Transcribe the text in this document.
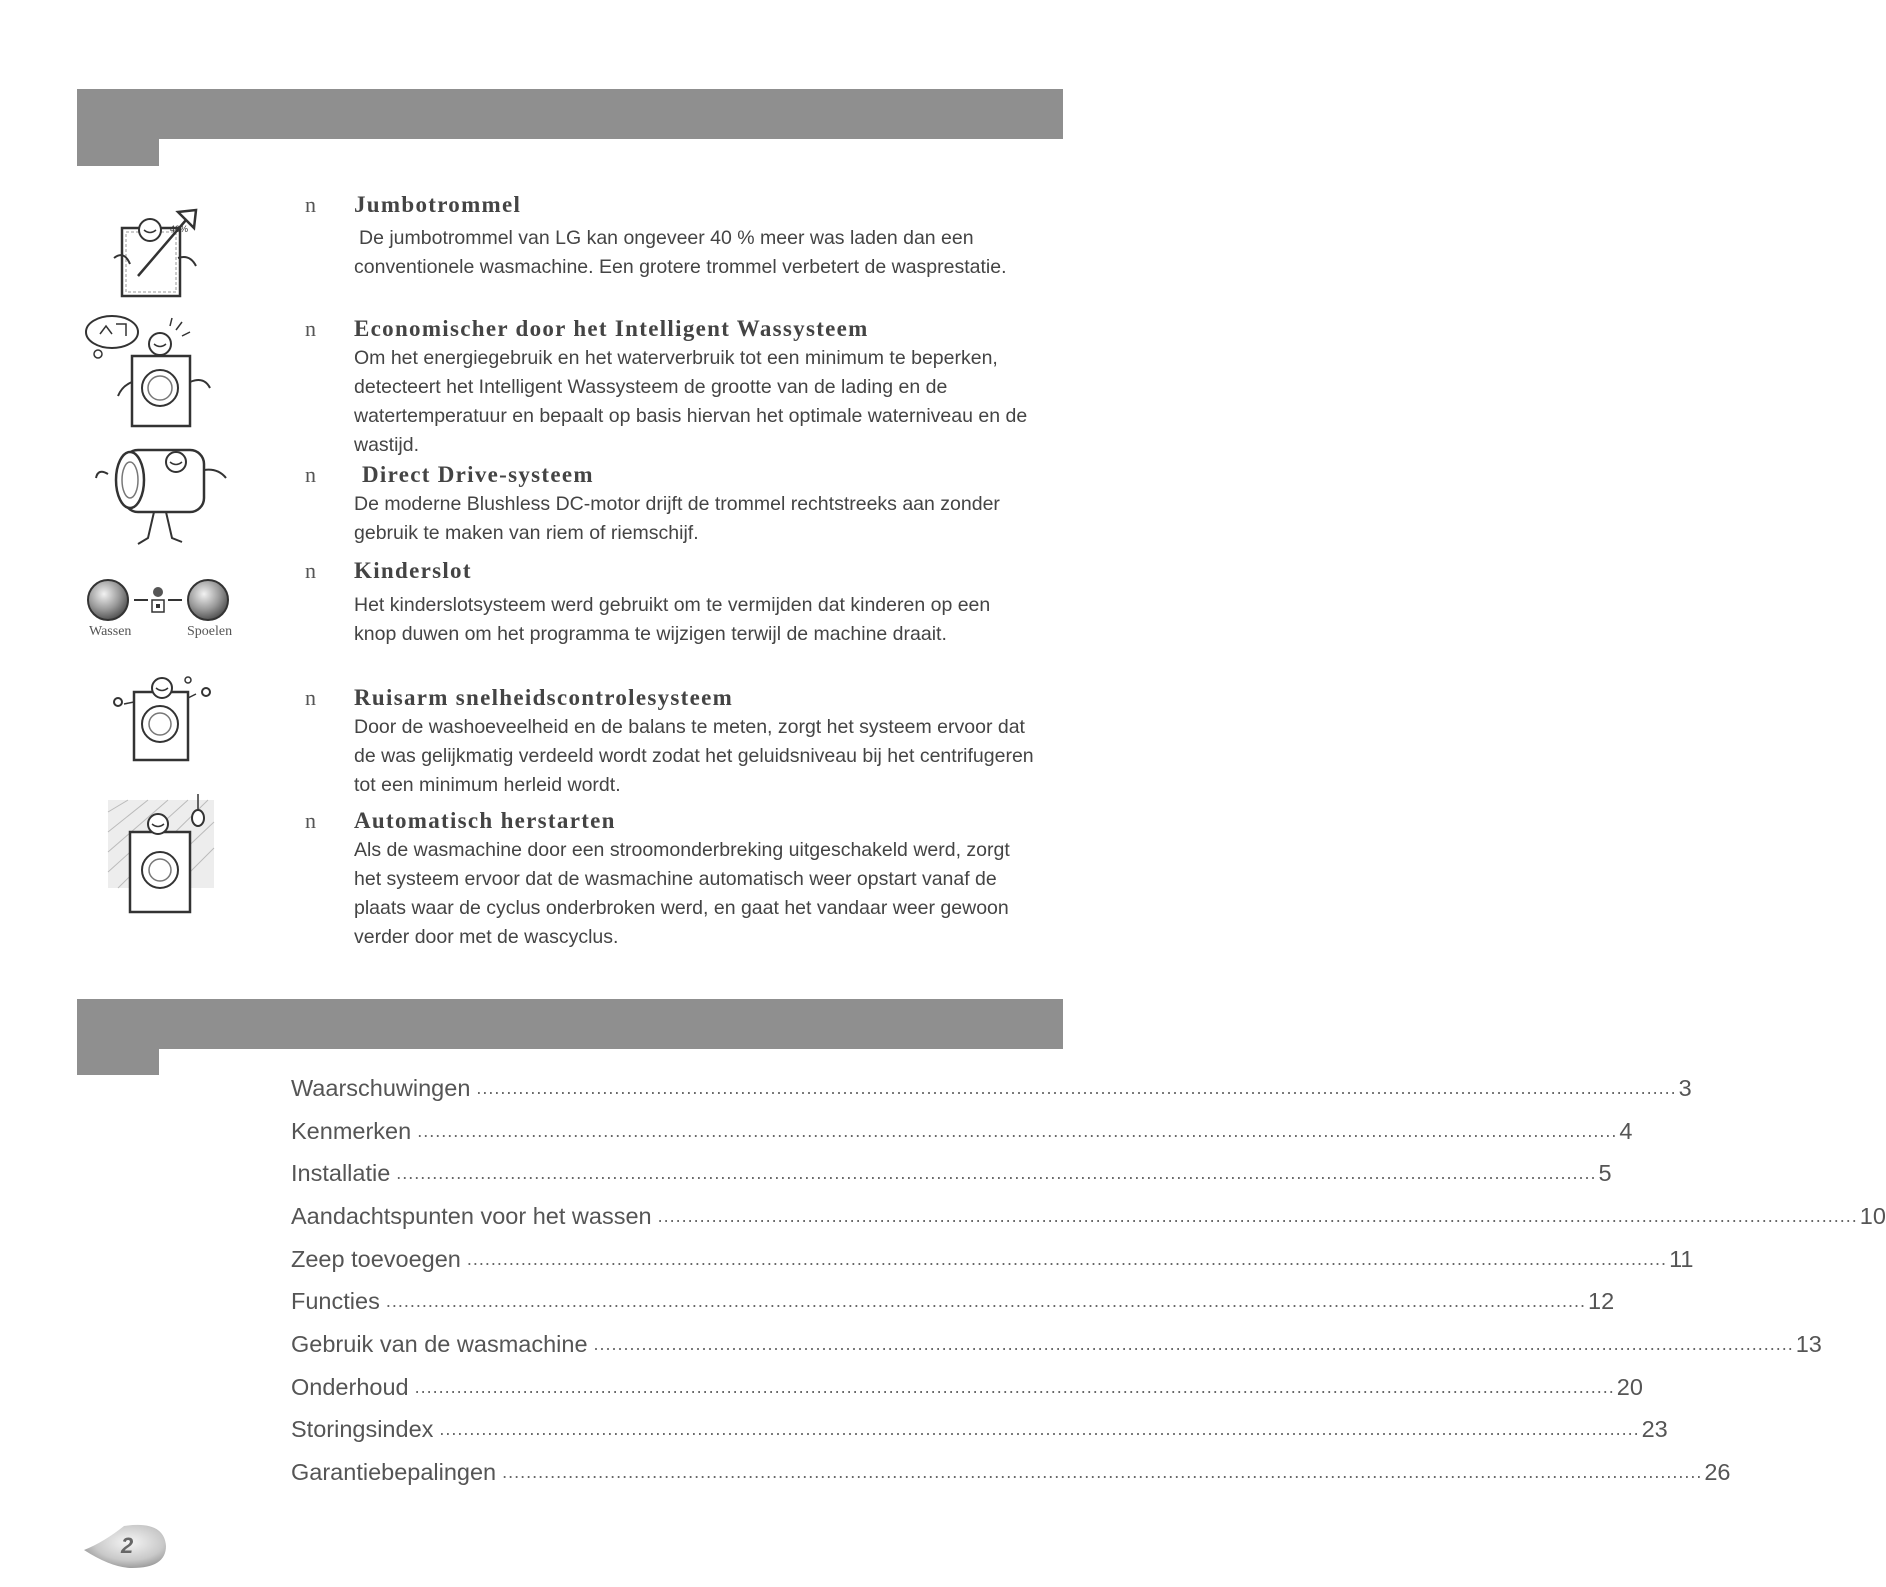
40%
Wassen	Spoelen
n	Jumbotrommel

De jumbotrommel van LG kan ongeveer 40 % meer was laden dan een conventionele wasmachine. Een grotere trommel verbetert de wasprestatie.

n	Economischer door het Intelligent Wassysteem

Om het energiegebruik en het waterverbruik tot een minimum te beperken, detecteert het Intelligent Wassysteem de grootte van de lading en de watertemperatuur en bepaalt op basis hiervan het optimale waterniveau en de wastijd.

n	Direct Drive-systeem

De moderne Blushless DC-motor drijft de trommel rechtstreeks aan zonder gebruik te maken van riem of riemschijf.

n	Kinderslot

Het kinderslotsysteem werd gebruikt om te vermijden dat kinderen op een knop duwen om het programma te wijzigen terwijl de machine draait.

n	Ruisarm snelheidscontrolesysteem

Door de washoeveelheid en de balans te meten, zorgt het systeem ervoor dat de was gelijkmatig verdeeld wordt zodat het geluidsniveau bij het centrifugeren tot een minimum herleid wordt.

n	Automatisch herstarten

Als de wasmachine door een stroomonderbreking uitgeschakeld werd, zorgt het systeem ervoor dat de wasmachine automatisch weer opstart vanaf de plaats waar de cyclus onderbroken werd, en gaat het vandaar weer gewoon verder door met de wascyclus.

Waarschuwingen ........................................................................................................................................................................................................ 3
Kenmerken ........................................................................................................................................................................................................ 4
Installatie ........................................................................................................................................................................................................ 5
Aandachtspunten voor het wassen ........................................................................................................................................................................................................ 10
Zeep toevoegen ........................................................................................................................................................................................................ 11
Functies ........................................................................................................................................................................................................ 12
Gebruik van de wasmachine ........................................................................................................................................................................................................ 13
Onderhoud ........................................................................................................................................................................................................ 20
Storingsindex ........................................................................................................................................................................................................ 23
Garantiebepalingen ........................................................................................................................................................................................................ 26
2
